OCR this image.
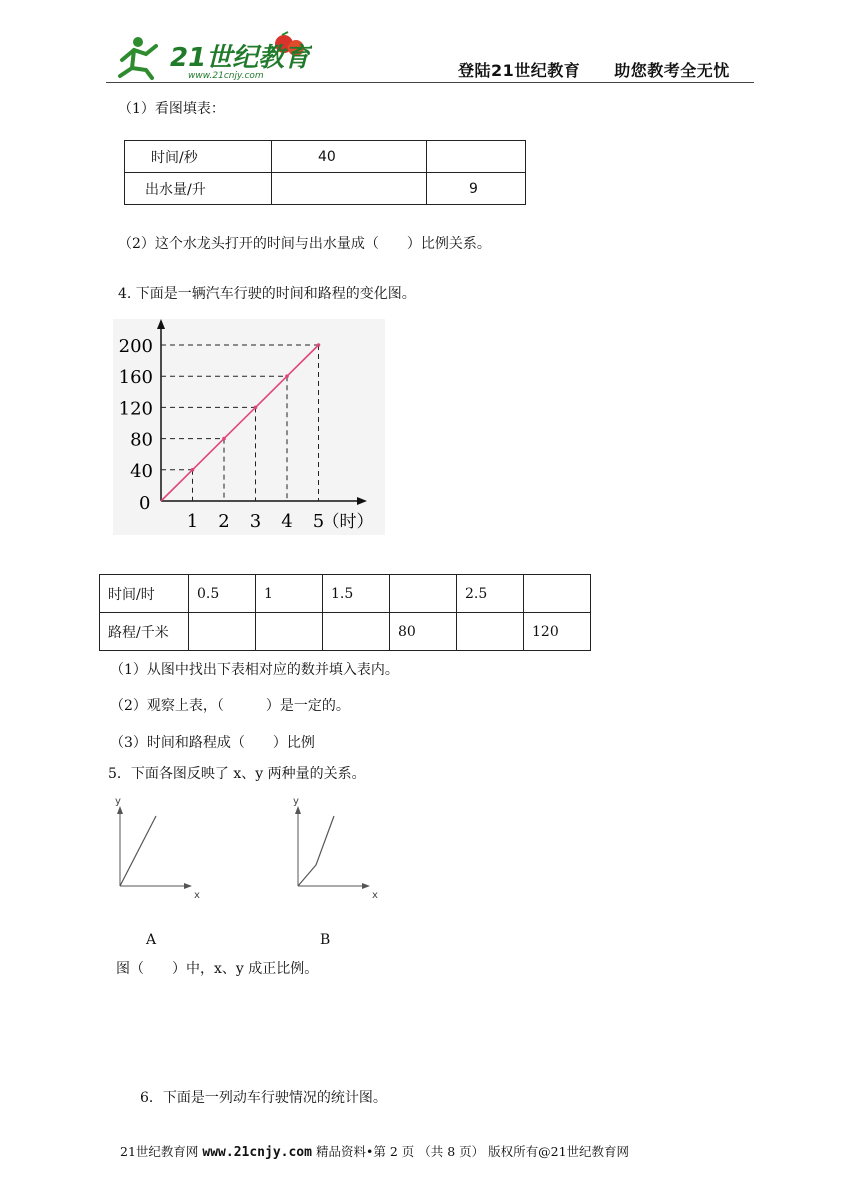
21世纪教育
www.21cnjy.com	登陆21世纪教育 助您教考全无忧
（1）看图填表：
时间/秒	40	
出水量/升		9
（2）这个水龙头打开的时间与出水量成（　　）比例关系。
4. 下面是一辆汽车行驶的时间和路程的变化图。
0
40
80
120
160
200
1 2 3 4 5
（时）
时间/时	0.5	1	1.5		2.5	
路程/千米				80		120
（1）从图中找出下表相对应的数并填入表内。
（2）观察上表，（　　　）是一定的。
（3）时间和路程成（　　）比例
5．下面各图反映了 x、y 两种量的关系。
y
x
y
x
A	B
图（　　）中，x、y 成正比例。
6．下面是一列动车行驶情况的统计图。
21世纪教育网 www.21cnjy.com 精品资料•第 2 页 （共 8 页） 版权所有@21世纪教育网
